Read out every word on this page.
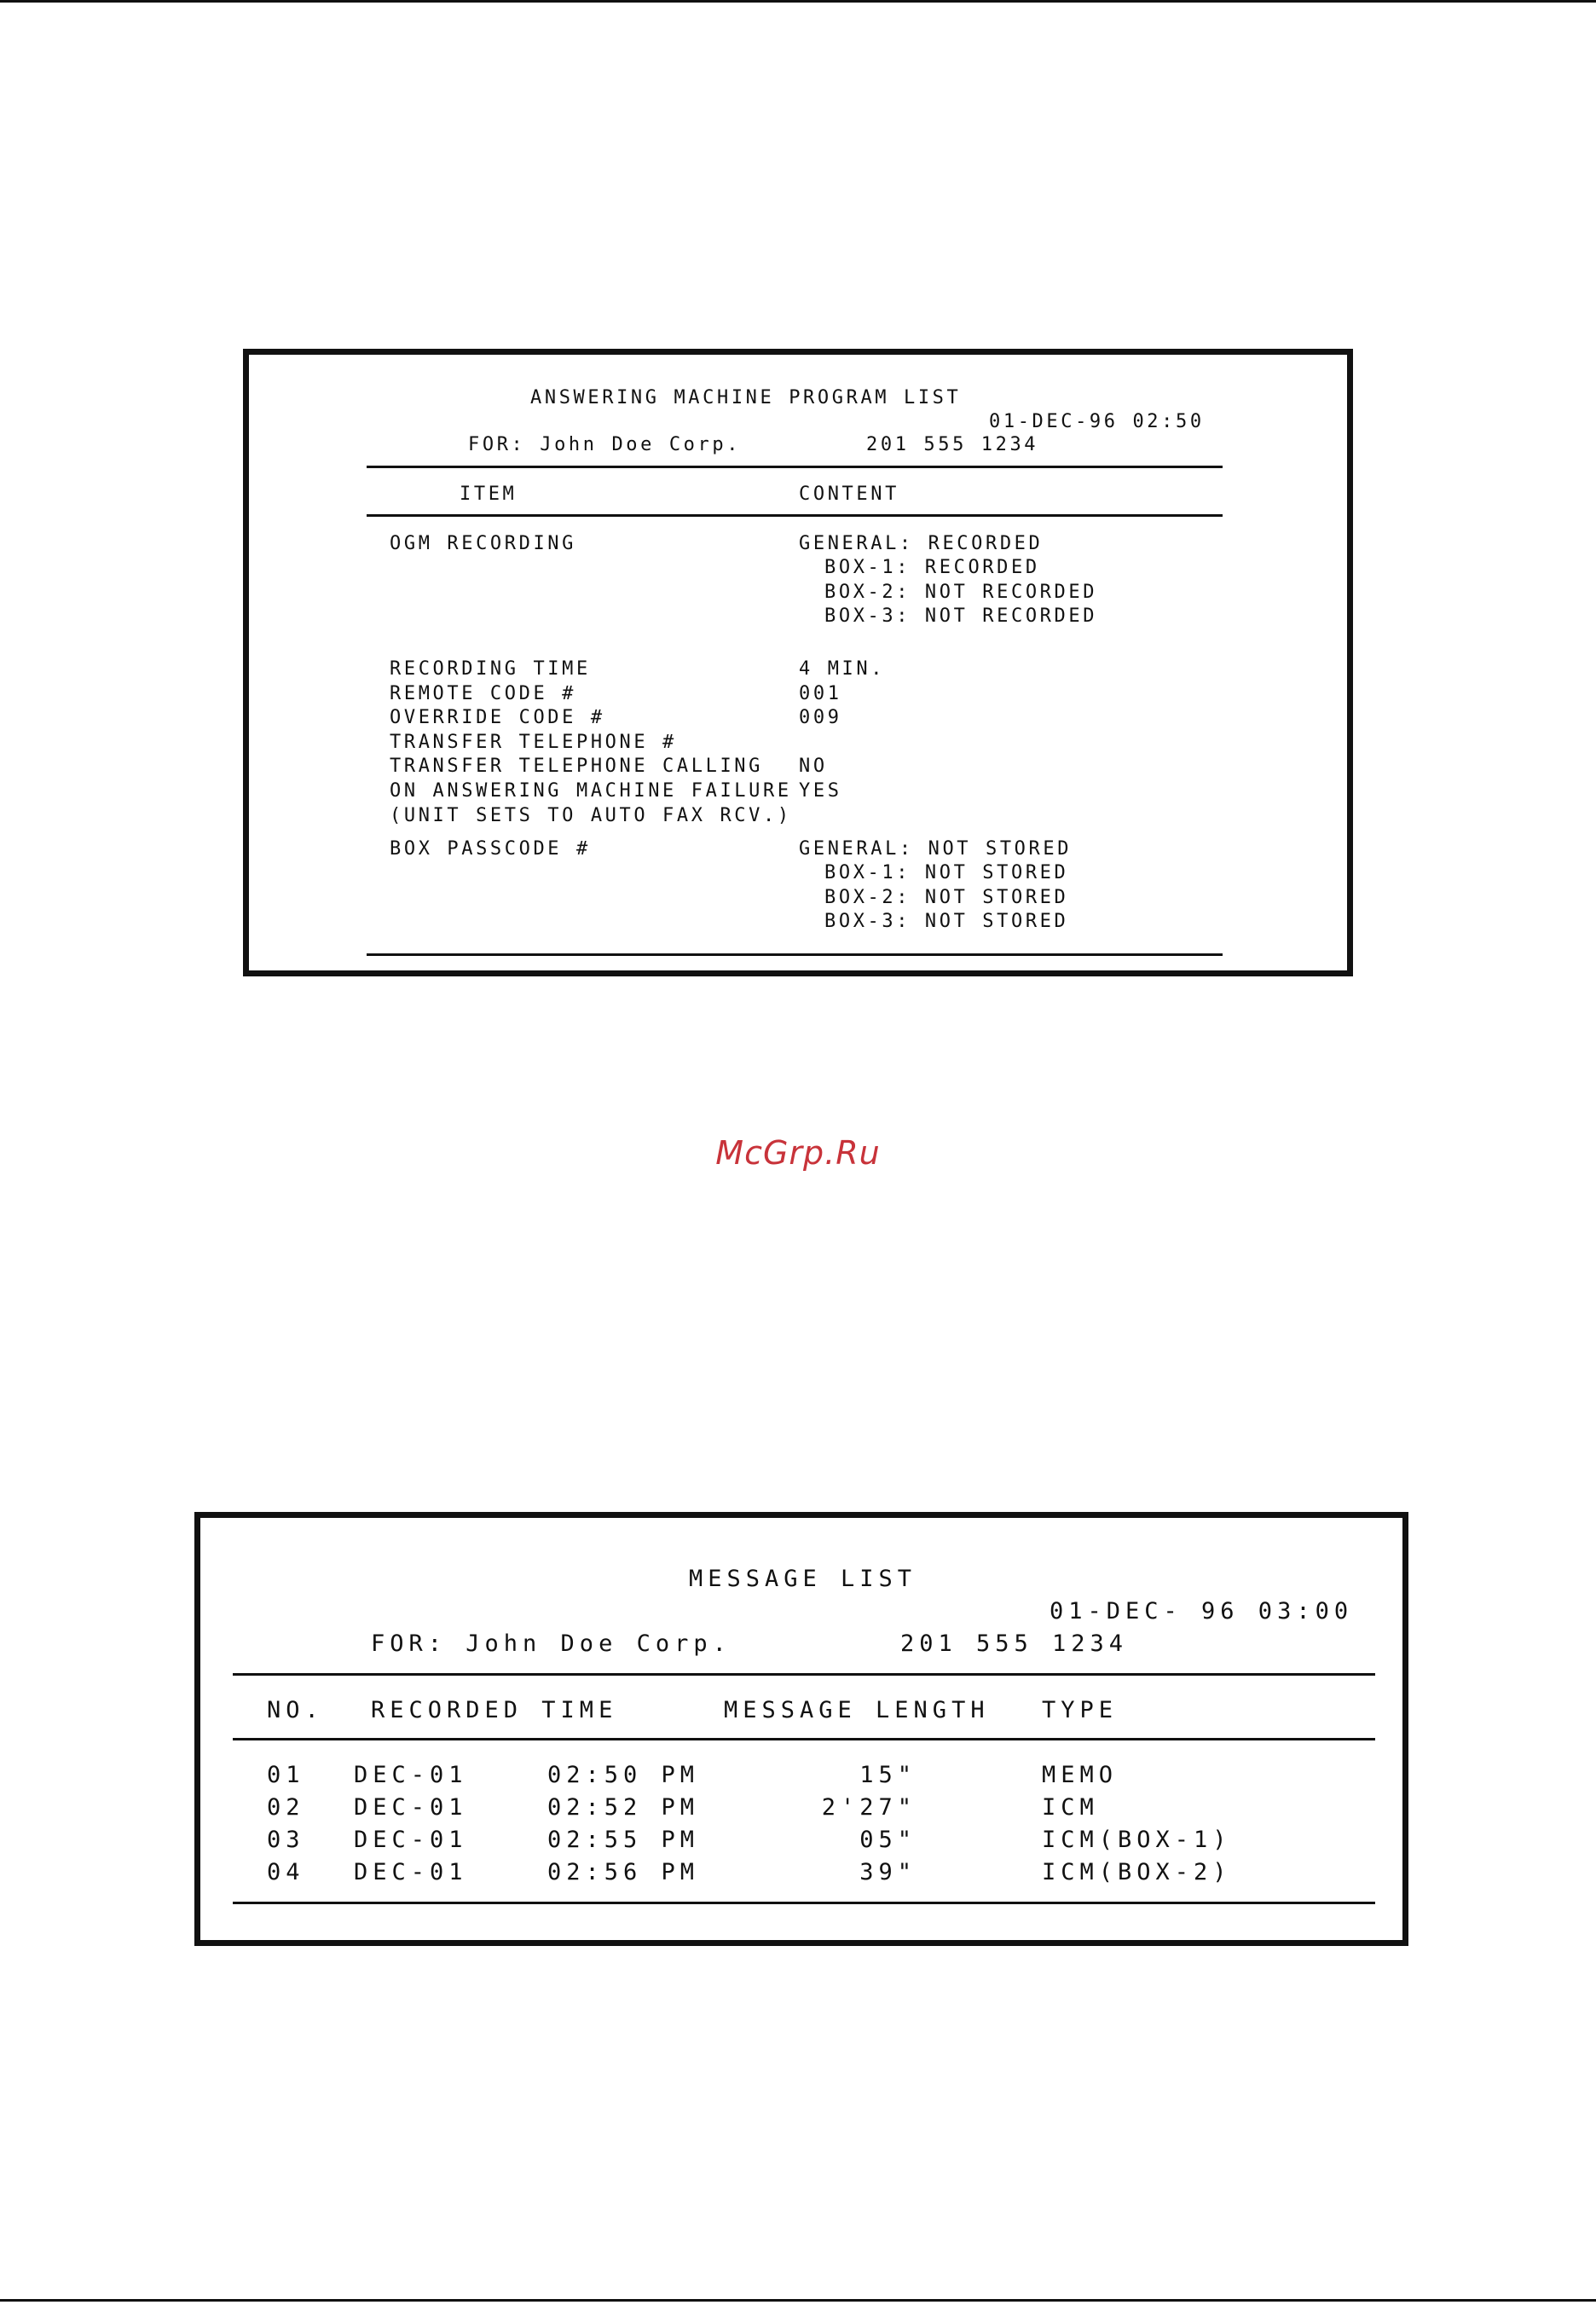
ANSWERING MACHINE PROGRAM LIST
01-DEC-96 02:50
FOR: John Doe Corp.	201 555 1234
ITEM	CONTENT
OGM RECORDING	GENERAL: RECORDED
BOX-1: RECORDED
BOX-2: NOT RECORDED
BOX-3: NOT RECORDED
RECORDING TIME	4 MIN.
REMOTE CODE #	001
OVERRIDE CODE #	009
TRANSFER TELEPHONE #
TRANSFER TELEPHONE CALLING NO
ON ANSWERING MACHINE FAILURE YES
(UNIT SETS TO AUTO FAX RCV.)
BOX PASSCODE #	GENERAL: NOT STORED
BOX-1: NOT STORED
BOX-2: NOT STORED
BOX-3: NOT STORED
McGrp.Ru
MESSAGE LIST
01-DEC- 96 03:00
FOR: John Doe Corp.	201 555 1234
NO. RECORDED TIME	MESSAGE LENGTH TYPE
01 DEC-01	02:50 PM	15"	MEMO
02 DEC-01	02:52 PM	2'27"	ICM
03 DEC-01	02:55 PM	05"	ICM(BOX-1)
04 DEC-01	02:56 PM	39"	ICM(BOX-2)
